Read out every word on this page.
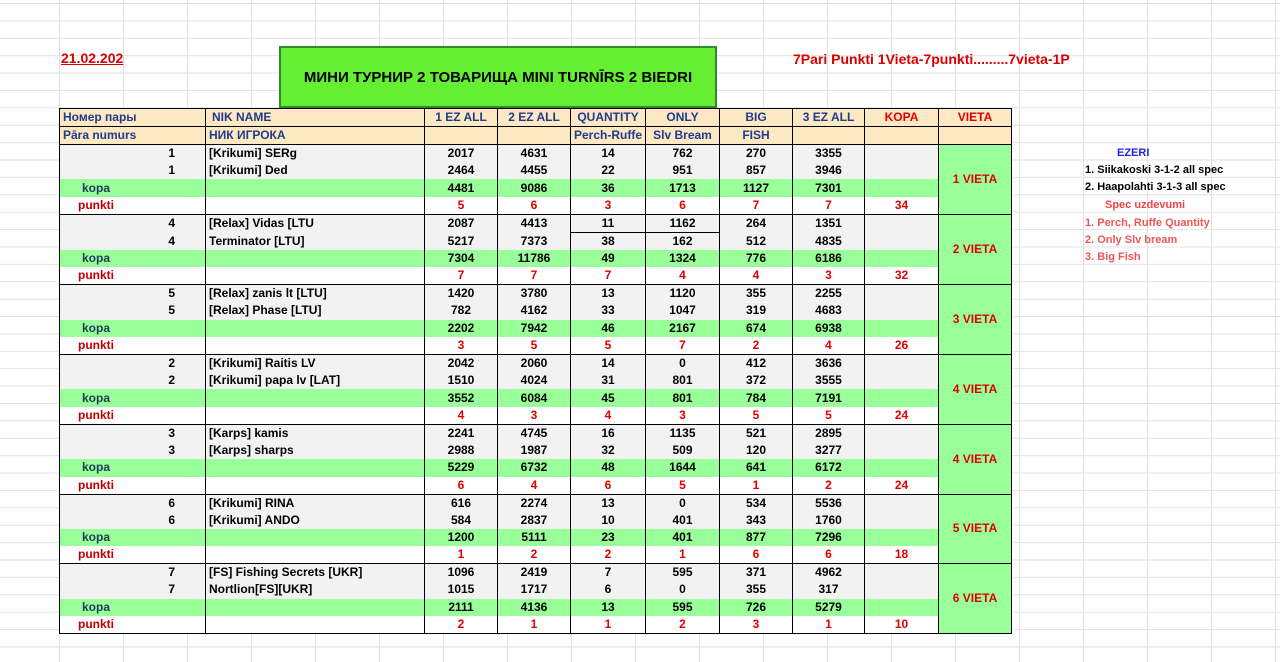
21.02.202
МИНИ ТУРНИР 2 ТОВАРИЩА MINI TURNĪRS 2 BIEDRI
7Pari Punkti 1Vieta-7punkti.........7vieta-1P
Номер пары	NIK NAME	1 EZ ALL	2 EZ ALL	QUANTITY	ONLY	BIG	3 EZ ALL	KOPA	VIETA
Pāra numurs	НИК ИГРОКА			Perch-Ruffe	Slv Bream	FISH			
1	[Krikumi] SERg	2017	4631	14	762	270	3355		1 VIETA
1	[Krikumi] Ded	2464	4455	22	951	857	3946		
kopa		4481	9086	36	1713	1127	7301		
punkti		5	6	3	6	7	7	34	
4	[Relax] Vidas [LTU	2087	4413	11	1162	264	1351		2 VIETA
4	Terminator [LTU]	5217	7373	38	162	512	4835		
kopa		7304	11786	49	1324	776	6186		
punkti		7	7	7	4	4	3	32	
5	[Relax] zanis lt [LTU]	1420	3780	13	1120	355	2255		3 VIETA
5	[Relax] Phase [LTU]	782	4162	33	1047	319	4683		
kopa		2202	7942	46	2167	674	6938		
punkti		3	5	5	7	2	4	26	
2	[Krikumi] Raitis LV	2042	2060	14	0	412	3636		4 VIETA
2	[Krikumi] papa lv [LAT]	1510	4024	31	801	372	3555		
kopa		3552	6084	45	801	784	7191		
punkti		4	3	4	3	5	5	24	
3	[Karps] kamis	2241	4745	16	1135	521	2895		4 VIETA
3	[Karps] sharps	2988	1987	32	509	120	3277		
kopa		5229	6732	48	1644	641	6172		
punkti		6	4	6	5	1	2	24	
6	[Krikumi] RINA	616	2274	13	0	534	5536		5 VIETA
6	[Krikumi] ANDO	584	2837	10	401	343	1760		
kopa		1200	5111	23	401	877	7296		
punkti		1	2	2	1	6	6	18	
7	[FS] Fishing Secrets [UKR]	1096	2419	7	595	371	4962		6 VIETA
7	Nortlion[FS][UKR]	1015	1717	6	0	355	317		
kopa		2111	4136	13	595	726	5279		
punkti		2	1	1	2	3	1	10	
EZERI
1. Siikakoski 3-1-2 all spec
2. Haapolahti 3-1-3 all spec
Spec uzdevumi
1. Perch, Ruffe Quantity
2. Only Slv bream
3. Big Fish
